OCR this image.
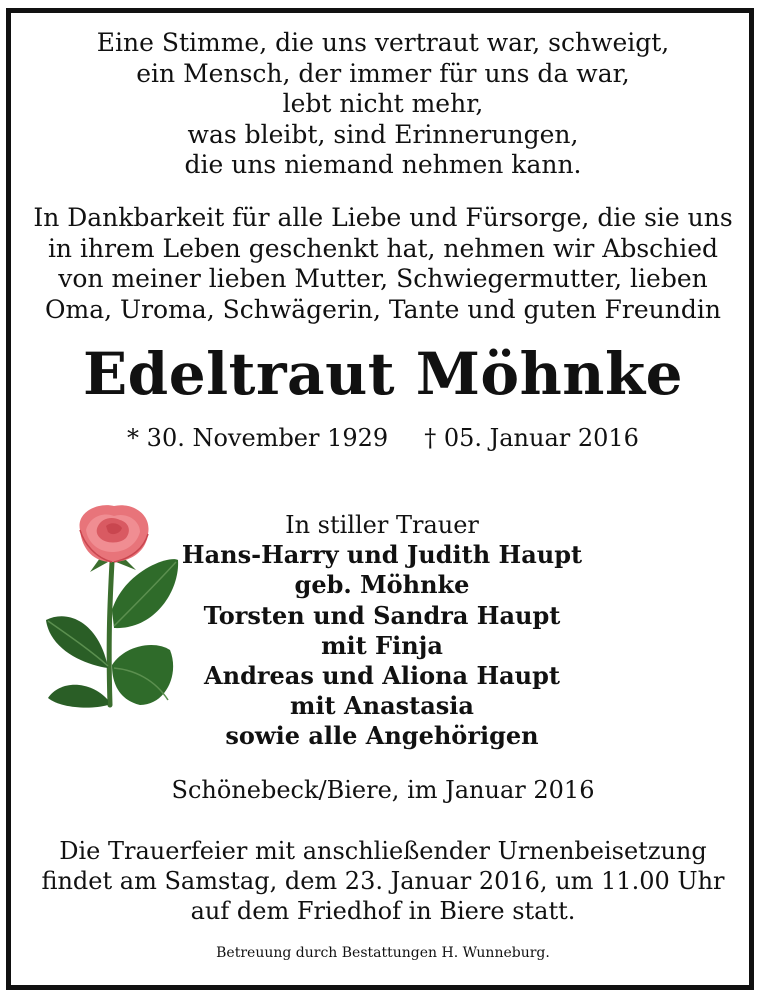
Eine Stimme, die uns vertraut war, schweigt,
ein Mensch, der immer für uns da war,
lebt nicht mehr,
was bleibt, sind Erinnerungen,
die uns niemand nehmen kann.
In Dankbarkeit für alle Liebe und Fürsorge, die sie uns
in ihrem Leben geschenkt hat, nehmen wir Abschied
von meiner lieben Mutter, Schwiegermutter, lieben
Oma, Uroma, Schwägerin, Tante und guten Freundin
Edeltraut Möhnke
* 30. November 1929 † 05. Januar 2016
In stiller Trauer
Hans-Harry und Judith Haupt
geb. Möhnke
Torsten und Sandra Haupt
mit Finja
Andreas und Aliona Haupt
mit Anastasia
sowie alle Angehörigen
Schönebeck/Biere, im Januar 2016
Die Trauerfeier mit anschließender Urnenbeisetzung
findet am Samstag, dem 23. Januar 2016, um 11.00 Uhr
auf dem Friedhof in Biere statt.
Betreuung durch Bestattungen H. Wunneburg.
